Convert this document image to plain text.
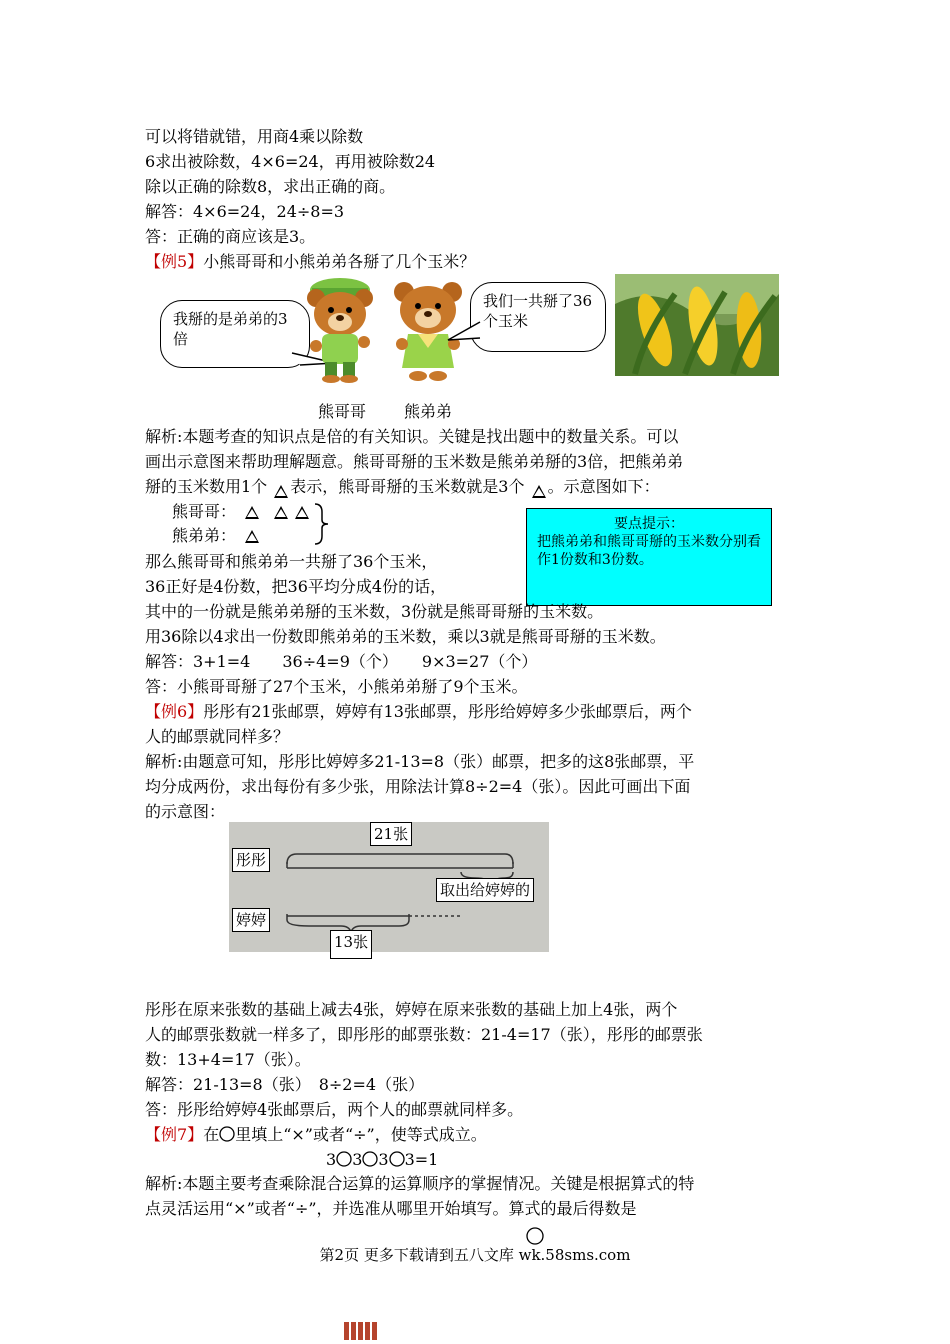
可以将错就错，用商4乘以除数
6求出被除数，4×6=24，再用被除数24
除以正确的除数8，求出正确的商。
解答：4×6=24，24÷8=3
答：正确的商应该是3。
【例5】小熊哥哥和小熊弟弟各掰了几个玉米？
我掰的是弟弟的3倍
我们一共掰了36个玉米
熊哥哥 熊弟弟
解析:本题考查的知识点是倍的有关知识。关键是找出题中的数量关系。可以
画出示意图来帮助理解题意。熊哥哥掰的玉米数是熊弟弟掰的3倍，把熊弟弟
掰的玉米数用1个 表示，熊哥哥掰的玉米数就是3个 。示意图如下：
熊哥哥：
熊弟弟：
要点提示：
把熊弟弟和熊哥哥掰的玉米数分别看作1份数和3份数。
那么熊哥哥和熊弟弟一共掰了36个玉米，
36正好是4份数，把36平均分成4份的话，
其中的一份就是熊弟弟掰的玉米数，3份就是熊哥哥掰的玉米数。
用36除以4求出一份数即熊弟弟的玉米数，乘以3就是熊哥哥掰的玉米数。
解答：3+1=4　　36÷4=9（个）　　9×3=27（个）
答：小熊哥哥掰了27个玉米，小熊弟弟掰了9个玉米。
【例6】彤彤有21张邮票，婷婷有13张邮票，彤彤给婷婷多少张邮票后，两个
人的邮票就同样多？
解析:由题意可知，彤彤比婷婷多21-13=8（张）邮票，把多的这8张邮票，平
均分成两份，求出每份有多少张，用除法计算8÷2=4（张）。因此可画出下面
的示意图：
21张
彤彤
取出给婷婷的
婷婷
13张
彤彤在原来张数的基础上减去4张，婷婷在原来张数的基础上加上4张，两个
人的邮票张数就一样多了，即彤彤的邮票张数：21-4=17（张），彤彤的邮票张
数：13+4=17（张）。
解答：21-13=8（张）　8÷2=4（张）
答：彤彤给婷婷4张邮票后，两个人的邮票就同样多。
【例7】在 里填上“×”或者“÷”，使等式成立。
3 3 3 3=1
解析:本题主要考查乘除混合运算的运算顺序的掌握情况。关键是根据算式的特
点灵活运用“×”或者“÷”，并选准从哪里开始填写。算式的最后得数是
第2页 更多下载请到五八文库 wk.58sms.com
